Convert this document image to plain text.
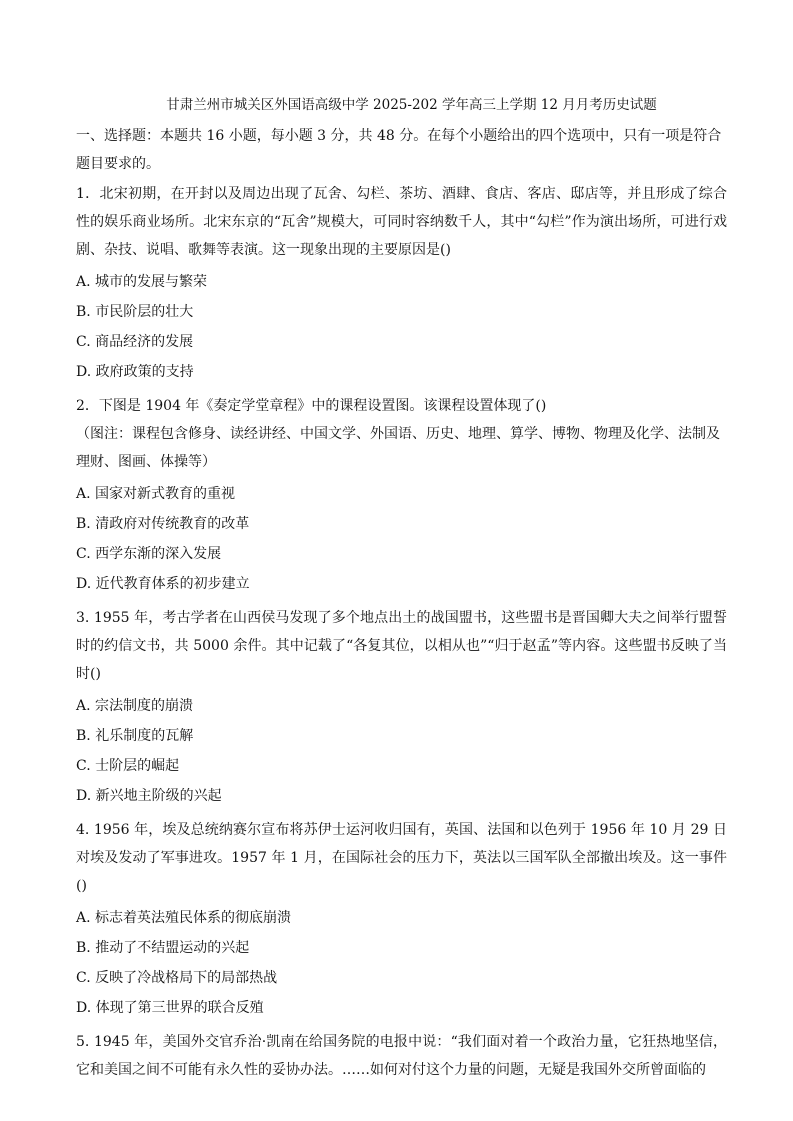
甘肃兰州市城关区外国语高级中学 2025-202 学年高三上学期 12 月月考历史试题

一、选择题：本题共 16 小题，每小题 3 分，共 48 分。在每个小题给出的四个选项中，只有一项是符合题目要求的。

1．北宋初期，在开封以及周边出现了瓦舍、勾栏、茶坊、酒肆、食店、客店、邸店等，并且形成了综合性的娱乐商业场所。北宋东京的“瓦舍”规模大，可同时容纳数千人，其中“勾栏”作为演出场所，可进行戏剧、杂技、说唱、歌舞等表演。这一现象出现的主要原因是()

A. 城市的发展与繁荣

B. 市民阶层的壮大

C. 商品经济的发展

D. 政府政策的支持

2．下图是 1904 年《奏定学堂章程》中的课程设置图。该课程设置体现了()

（图注：课程包含修身、读经讲经、中国文学、外国语、历史、地理、算学、博物、物理及化学、法制及理财、图画、体操等）

A. 国家对新式教育的重视

B. 清政府对传统教育的改革

C. 西学东渐的深入发展

D. 近代教育体系的初步建立

3. 1955 年，考古学者在山西侯马发现了多个地点出土的战国盟书，这些盟书是晋国卿大夫之间举行盟誓时的约信文书，共 5000 余件。其中记载了“各复其位，以相从也”“归于赵孟”等内容。这些盟书反映了当时()

A. 宗法制度的崩溃

B. 礼乐制度的瓦解

C. 士阶层的崛起

D. 新兴地主阶级的兴起

4. 1956 年，埃及总统纳赛尔宣布将苏伊士运河收归国有，英国、法国和以色列于 1956 年 10 月 29 日对埃及发动了军事进攻。1957 年 1 月，在国际社会的压力下，英法以三国军队全部撤出埃及。这一事件()

A. 标志着英法殖民体系的彻底崩溃

B. 推动了不结盟运动的兴起

C. 反映了冷战格局下的局部热战

D. 体现了第三世界的联合反殖

5. 1945 年，美国外交官乔治·凯南在给国务院的电报中说：“我们面对着一个政治力量，它狂热地坚信，它和美国之间不可能有永久性的妥协办法。……如何对付这个力量的问题，无疑是我国外交所曾面临的
